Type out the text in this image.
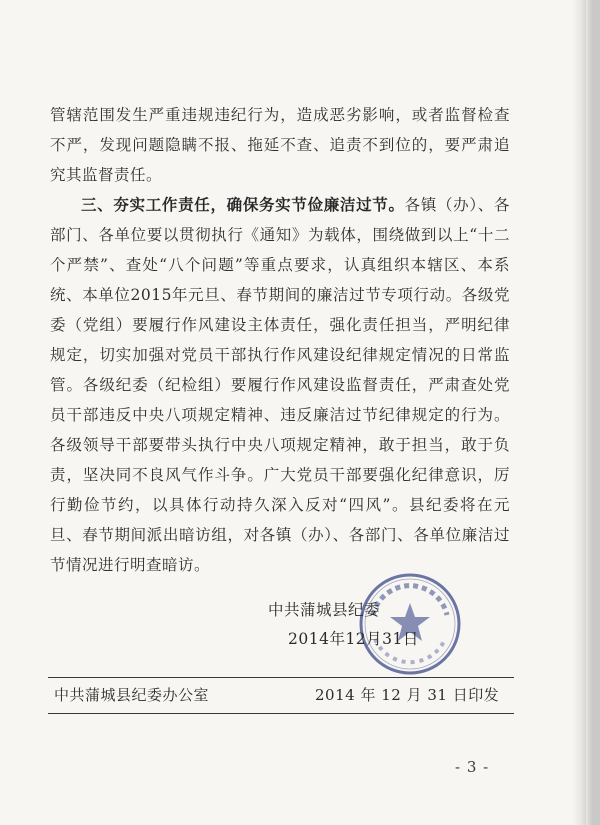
管辖范围发生严重违规违纪行为，造成恶劣影响，或者监督检查不严，发现问题隐瞒不报、拖延不查、追责不到位的，要严肃追究其监督责任。

三、夯实工作责任，确保务实节俭廉洁过节。各镇（办）、各部门、各单位要以贯彻执行《通知》为载体，围绕做到以上“十二个严禁”、查处“八个问题”等重点要求，认真组织本辖区、本系统、本单位2015年元旦、春节期间的廉洁过节专项行动。各级党委（党组）要履行作风建设主体责任，强化责任担当，严明纪律规定，切实加强对党员干部执行作风建设纪律规定情况的日常监管。各级纪委（纪检组）要履行作风建设监督责任，严肃查处党员干部违反中央八项规定精神、违反廉洁过节纪律规定的行为。各级领导干部要带头执行中央八项规定精神，敢于担当，敢于负责，坚决同不良风气作斗争。广大党员干部要强化纪律意识，厉行勤俭节约，以具体行动持久深入反对“四风”。县纪委将在元旦、春节期间派出暗访组，对各镇（办）、各部门、各单位廉洁过节情况进行明查暗访。

中共蒲城县纪委
2014年12月31日
中共蒲城县纪委办公室	2014 年 12 月 31 日印发
- 3 -
